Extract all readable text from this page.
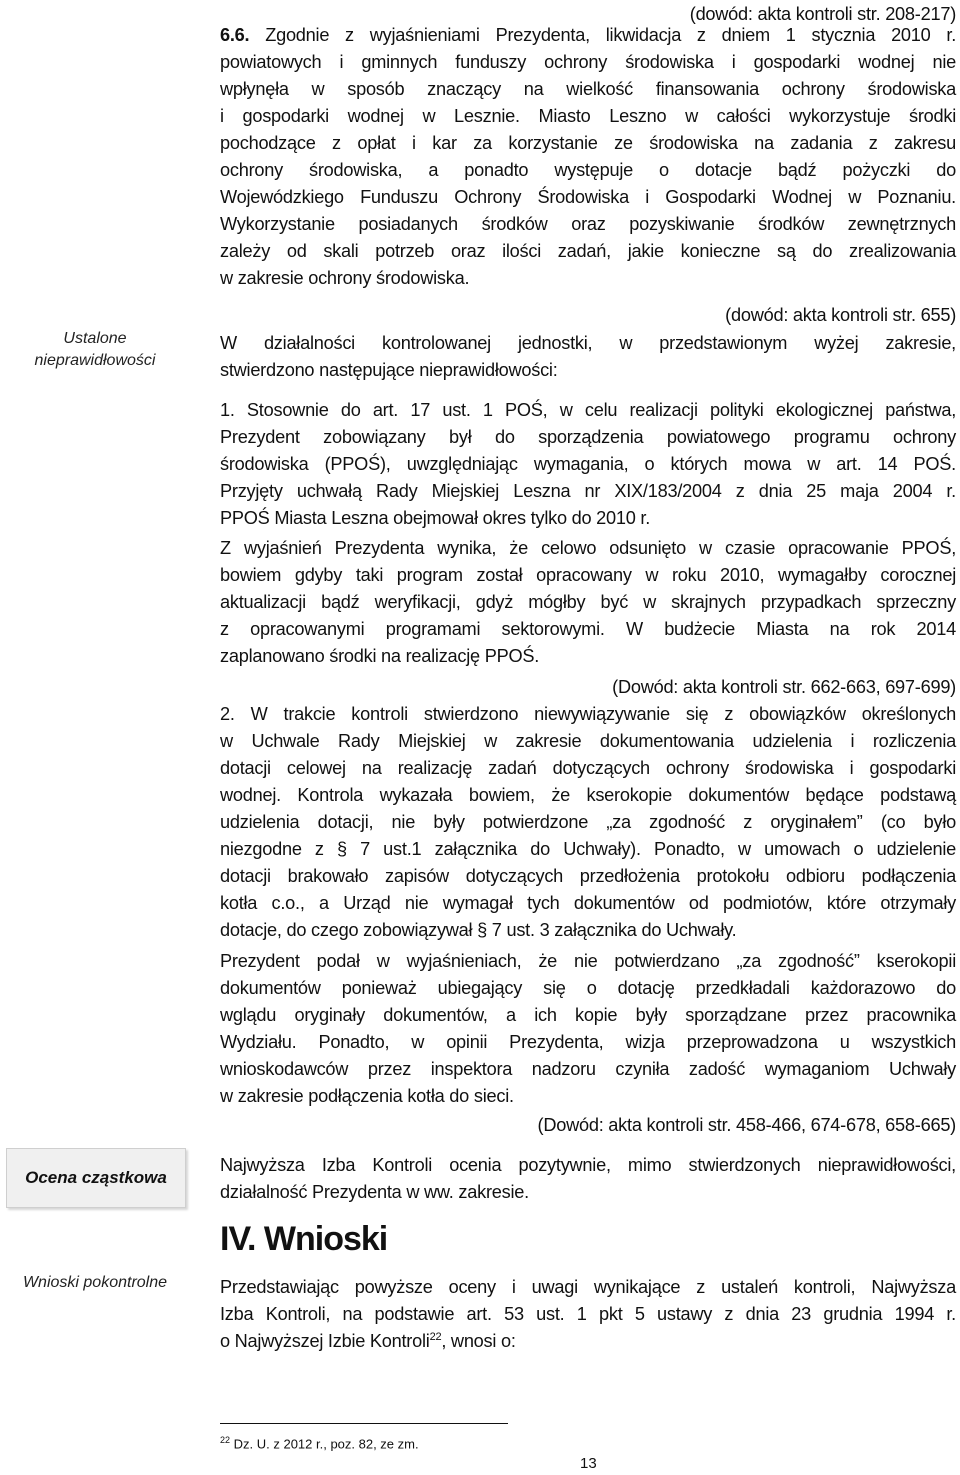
Ustalone
nieprawidłowości
Ocena cząstkowa
Wnioski pokontrolne
(dowód: akta kontroli str. 208-217)
6.6. Zgodnie z wyjaśnieniami Prezydenta, likwidacja z dniem 1 stycznia 2010 r.
powiatowych i gminnych funduszy ochrony środowiska i gospodarki wodnej nie
wpłynęła w sposób znaczący na wielkość finansowania ochrony środowiska
i gospodarki wodnej w Lesznie. Miasto Leszno w całości wykorzystuje środki
pochodzące z opłat i kar za korzystanie ze środowiska na zadania z zakresu
ochrony środowiska, a ponadto występuje o dotacje bądź pożyczki do
Wojewódzkiego Funduszu Ochrony Środowiska i Gospodarki Wodnej w Poznaniu.
Wykorzystanie posiadanych środków oraz pozyskiwanie środków zewnętrznych
zależy od skali potrzeb oraz ilości zadań, jakie konieczne są do zrealizowania
w zakresie ochrony środowiska.
(dowód: akta kontroli str. 655)
W działalności kontrolowanej jednostki, w przedstawionym wyżej zakresie,
stwierdzono następujące nieprawidłowości:
1. Stosownie do art. 17 ust. 1 POŚ, w celu realizacji polityki ekologicznej państwa,
Prezydent zobowiązany był do sporządzenia powiatowego programu ochrony
środowiska (PPOŚ), uwzględniając wymagania, o których mowa w art. 14 POŚ.
Przyjęty uchwałą Rady Miejskiej Leszna nr XIX/183/2004 z dnia 25 maja 2004 r.
PPOŚ Miasta Leszna obejmował okres tylko do 2010 r.
Z wyjaśnień Prezydenta wynika, że celowo odsunięto w czasie opracowanie PPOŚ,
bowiem gdyby taki program został opracowany w roku 2010, wymagałby corocznej
aktualizacji bądź weryfikacji, gdyż mógłby być w skrajnych przypadkach sprzeczny
z opracowanymi programami sektorowymi. W budżecie Miasta na rok 2014
zaplanowano środki na realizację PPOŚ.
(Dowód: akta kontroli str. 662-663, 697-699)
2. W trakcie kontroli stwierdzono niewywiązywanie się z obowiązków określonych
w Uchwale Rady Miejskiej w zakresie dokumentowania udzielenia i rozliczenia
dotacji celowej na realizację zadań dotyczących ochrony środowiska i gospodarki
wodnej. Kontrola wykazała bowiem, że kserokopie dokumentów będące podstawą
udzielenia dotacji, nie były potwierdzone „za zgodność z oryginałem” (co było
niezgodne z § 7 ust.1 załącznika do Uchwały). Ponadto, w umowach o udzielenie
dotacji brakowało zapisów dotyczących przedłożenia protokołu odbioru podłączenia
kotła c.o., a Urząd nie wymagał tych dokumentów od podmiotów, które otrzymały
dotacje, do czego zobowiązywał § 7 ust. 3 załącznika do Uchwały.
Prezydent podał w wyjaśnieniach, że nie potwierdzano „za zgodność” kserokopii
dokumentów ponieważ ubiegający się o dotację przedkładali każdorazowo do
wglądu oryginały dokumentów, a ich kopie były sporządzane przez pracownika
Wydziału. Ponadto, w opinii Prezydenta, wizja przeprowadzona u wszystkich
wnioskodawców przez inspektora nadzoru czyniła zadość wymaganiom Uchwały
w zakresie podłączenia kotła do sieci.
(Dowód: akta kontroli str. 458-466, 674-678, 658-665)
Najwyższa Izba Kontroli ocenia pozytywnie, mimo stwierdzonych nieprawidłowości,
działalność Prezydenta w ww. zakresie.
IV. Wnioski
Przedstawiając powyższe oceny i uwagi wynikające z ustaleń kontroli, Najwyższa
Izba Kontroli, na podstawie art. 53 ust. 1 pkt 5 ustawy z dnia 23 grudnia 1994 r.
o Najwyższej Izbie Kontroli$^{22}$, wnosi o:
$^{22}$ Dz. U. z 2012 r., poz. 82, ze zm.
13
